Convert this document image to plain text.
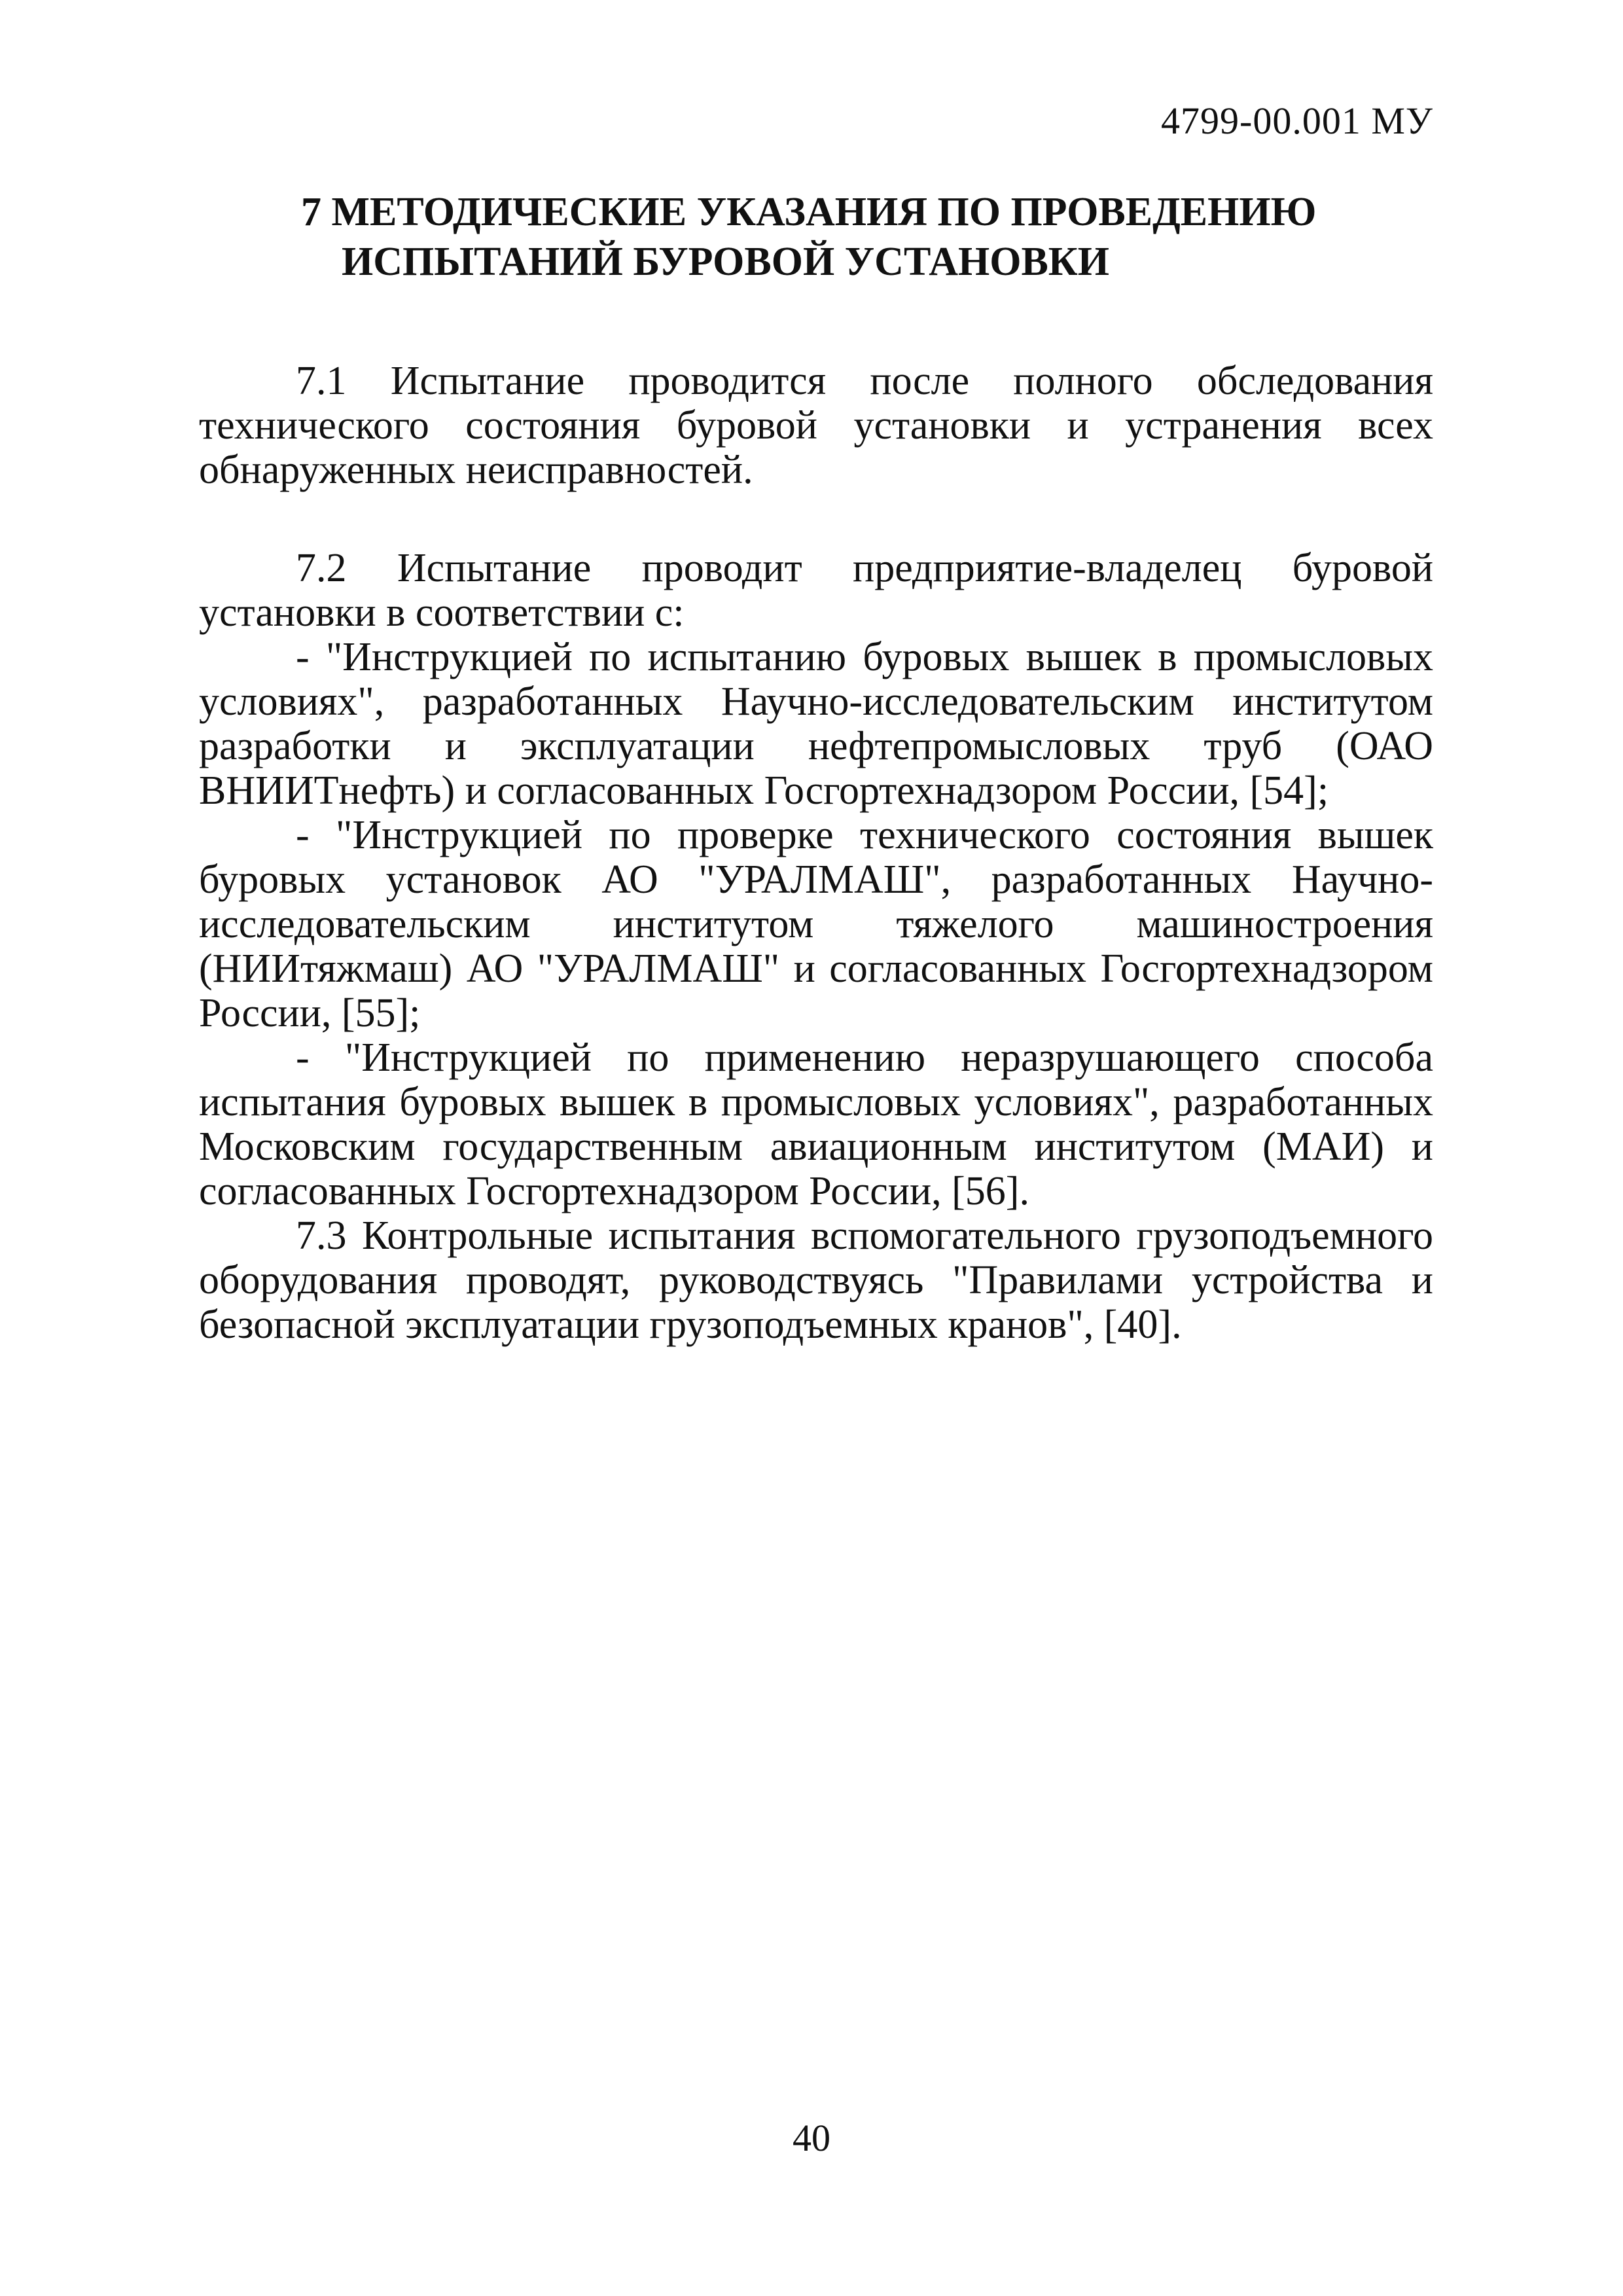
4799-00.001 МУ
7 МЕТОДИЧЕСКИЕ УКАЗАНИЯ ПО ПРОВЕДЕНИЮ
ИСПЫТАНИЙ БУРОВОЙ УСТАНОВКИ

7.1 Испытание проводится после полного обследования технического состояния буровой установки и устранения всех обнаруженных неисправностей.

7.2 Испытание проводит предприятие-владелец буровой установки в соответствии с:

- "Инструкцией по испытанию буровых вышек в промысловых условиях", разработанных Научно-исследовательским институтом разработки и эксплуатации нефтепромысловых труб (ОАО ВНИИТнефть) и согласованных Госгортехнадзором России, [54];
- "Инструкцией по проверке технического состояния вышек буровых установок АО "УРАЛМАШ", разработанных Научно-исследовательским институтом тяжелого машиностроения (НИИтяжмаш) АО "УРАЛМАШ" и согласованных Госгортехнадзором России, [55];
- "Инструкцией по применению неразрушающего способа испытания буровых вышек в промысловых условиях", разработанных Московским государственным авиационным институтом (МАИ) и согласованных Госгортехнадзором России, [56].

7.3 Контрольные испытания вспомогательного грузоподъемного оборудования проводят, руководствуясь "Правилами устройства и безопасной эксплуатации грузоподъемных кранов", [40].

40
